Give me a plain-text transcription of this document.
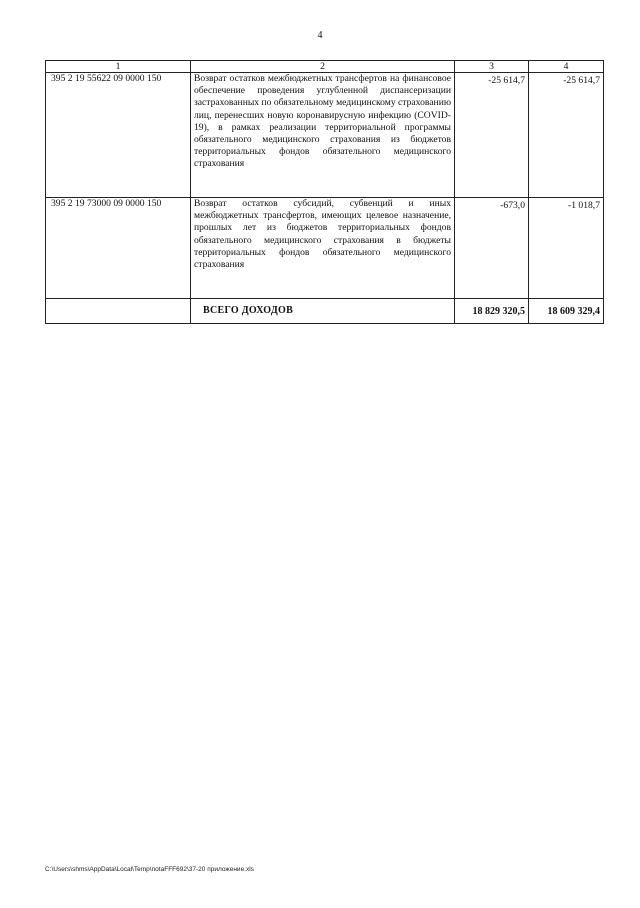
4
1	2	3	4
395 2 19 55622 09 0000 150	Возврат остатков межбюджетных трансфертов на финансовое обеспечение проведения углубленной диспансеризации застрахованных по обязательному медицинскому страхованию лиц, перенесших новую коронавирусную инфекцию (COVID-19), в рамках реализации территориальной программы обязательного медицинского страхования из бюджетов территориальных фондов обязательного медицинского страхования	-25 614,7	-25 614,7
395 2 19 73000 09 0000 150	Возврат остатков субсидий, субвенций и иных межбюджетных трансфертов, имеющих целевое назначение, прошлых лет из бюджетов территориальных фондов обязательного медицинского страхования в бюджеты территориальных фондов обязательного медицинского страхования	-673,0	-1 018,7
	ВСЕГО ДОХОДОВ	18 829 320,5	18 609 329,4
C:\Users\shms\AppData\Local\Temp\notaFFF692\37-20 приложение.xls
